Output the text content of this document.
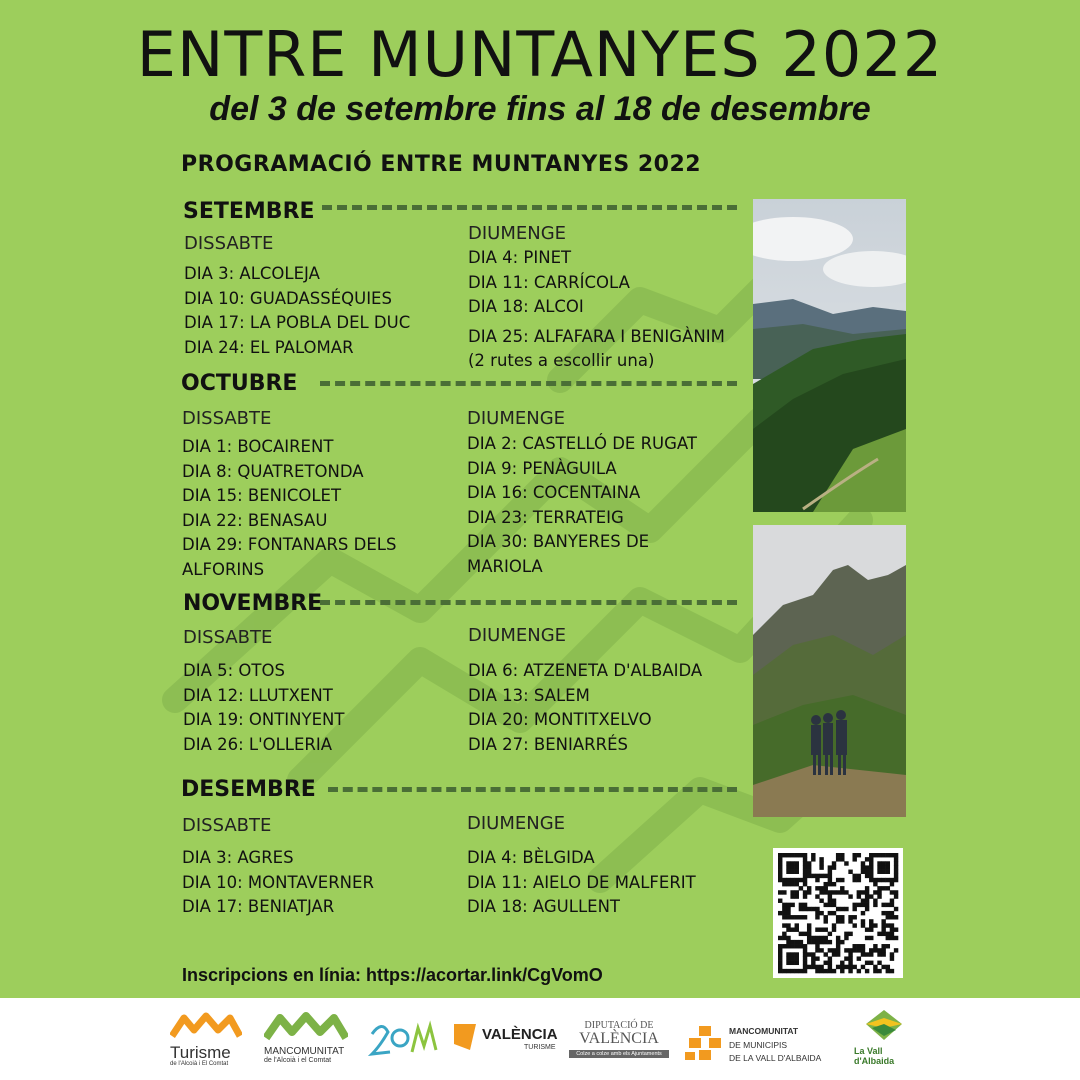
ENTRE MUNTANYES 2022
del 3 de setembre fins al 18 de desembre
PROGRAMACIÓ ENTRE MUNTANYES 2022
SETEMBRE
DISSABTE	DIUMENGE
DIA 3: ALCOLEJA
DIA 10: GUADASSÉQUIES
DIA 17: LA POBLA DEL DUC
DIA 24: EL PALOMAR
DIA 4: PINET
DIA 11: CARRÍCOLA
DIA 18: ALCOI
DIA 25: ALFAFARA I BENIGÀNIM
(2 rutes a escollir una)
OCTUBRE
DISSABTE	DIUMENGE
DIA 1: BOCAIRENT
DIA 8: QUATRETONDA
DIA 15: BENICOLET
DIA 22: BENASAU
DIA 29: FONTANARS DELS
ALFORINS
DIA 2: CASTELLÓ DE RUGAT
DIA 9: PENÀGUILA
DIA 16: COCENTAINA
DIA 23: TERRATEIG
DIA 30: BANYERES DE
MARIOLA
NOVEMBRE
DISSABTE	DIUMENGE
DIA 5: OTOS
DIA 12: LLUTXENT
DIA 19: ONTINYENT
DIA 26: L'OLLERIA
DIA 6: ATZENETA D'ALBAIDA
DIA 13: SALEM
DIA 20: MONTITXELVO
DIA 27: BENIARRÉS
DESEMBRE
DISSABTE	DIUMENGE
DIA 3: AGRES
DIA 10: MONTAVERNER
DIA 17: BENIATJAR
DIA 4: BÈLGIDA
DIA 11: AIELO DE MALFERIT
DIA 18: AGULLENT
Inscripcions en línia: https://acortar.link/CgVomO
Turisme
de l'Alcoià i El Comtat
MANCOMUNITAT
de l'Alcoià i el Comtat
VALÈNCIA
TURISME
DIPUTACIÓ DE
VALÈNCIA
Colze a colze amb els Ajuntaments
MANCOMUNITAT
DE MUNICIPIS
DE LA VALL D'ALBAIDA
La Vall
d'Albaida
